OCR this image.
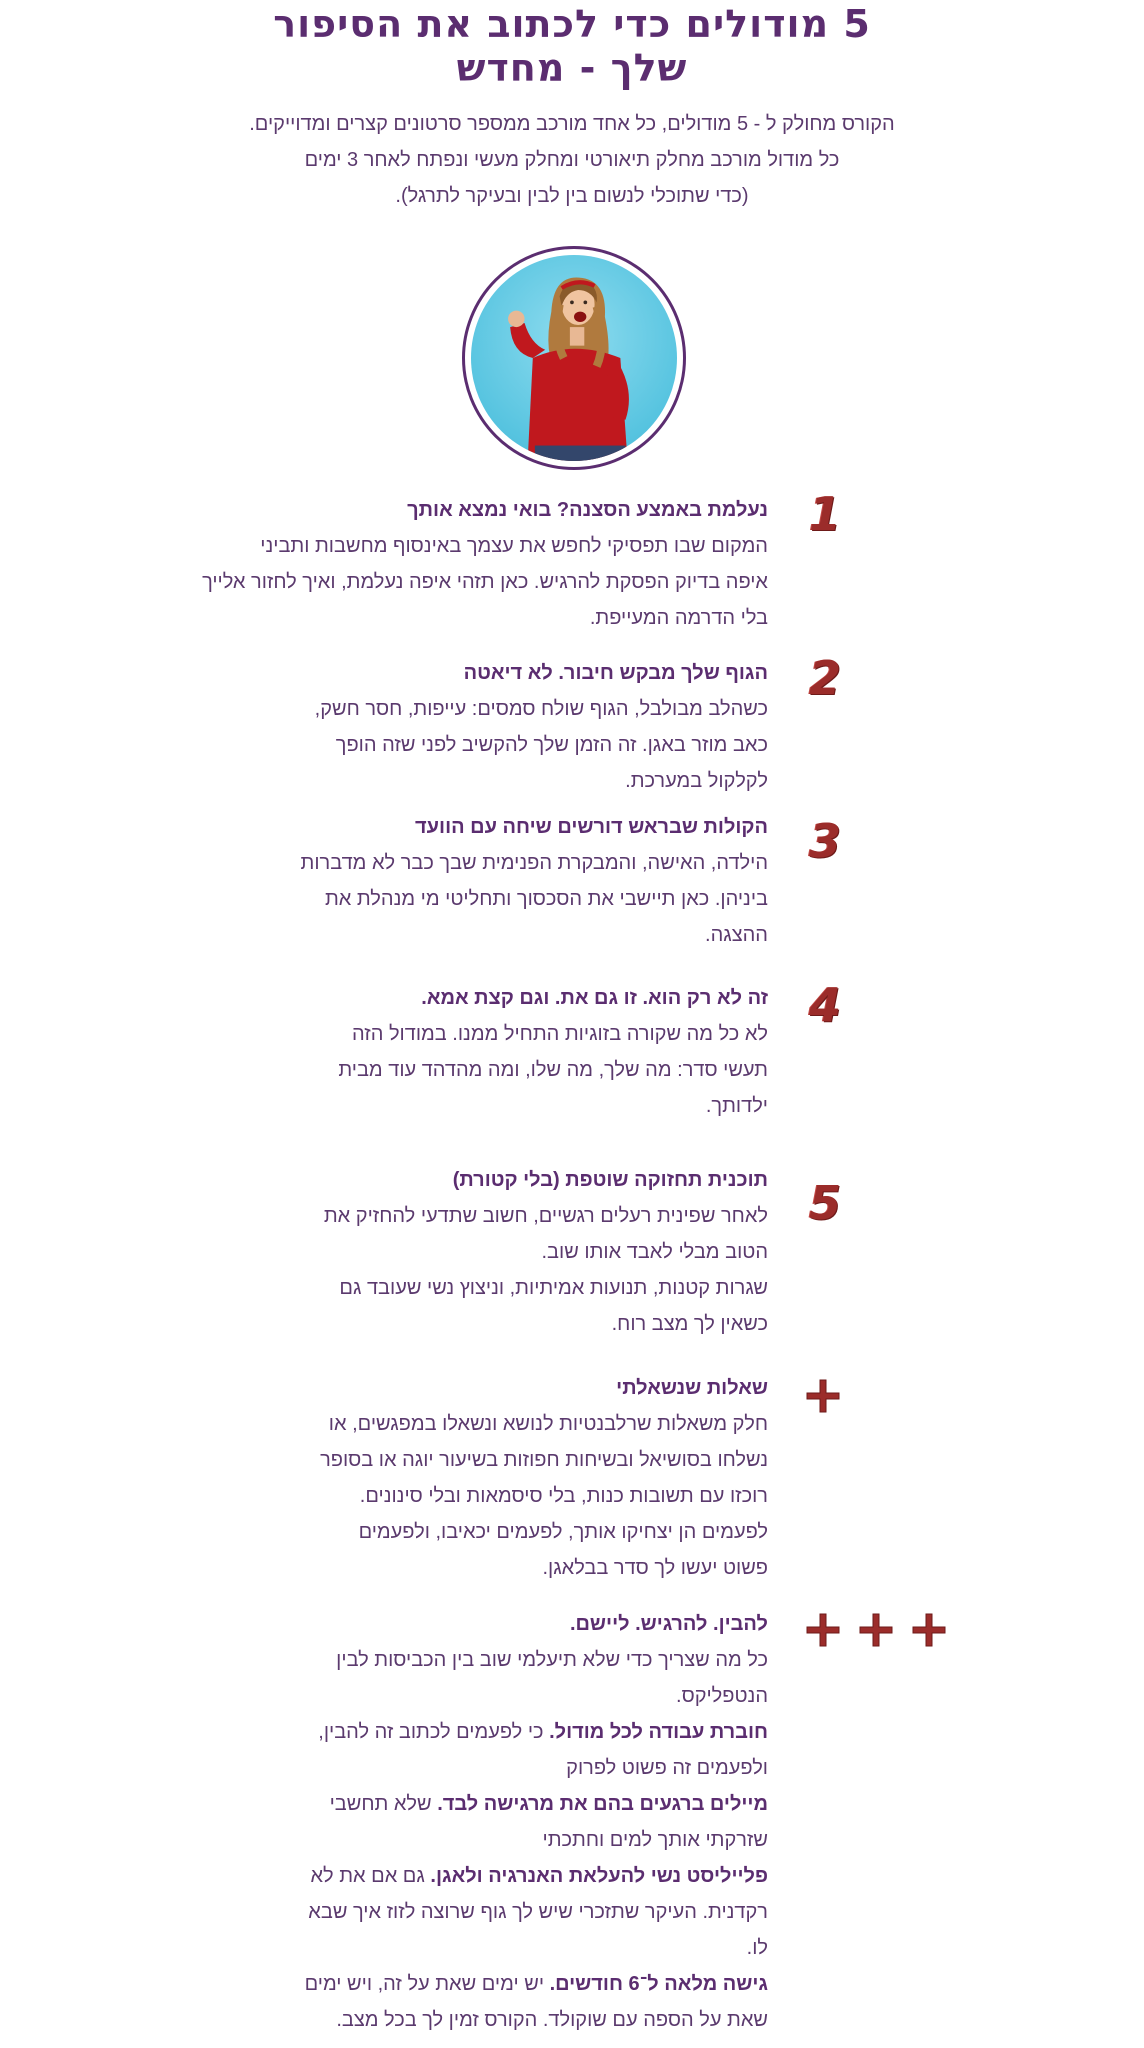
5 מודולים כדי לכתוב את הסיפור
שלך - מחדש
הקורס מחולק ל - 5 מודולים, כל אחד מורכב ממספר סרטונים קצרים ומדוייקים.
כל מודול מורכב מחלק תיאורטי ומחלק מעשי ונפתח לאחר 3 ימים
(כדי שתוכלי לנשום בין לבין ובעיקר לתרגל).
1
נעלמת באמצע הסצנה? בואי נמצא אותך
המקום שבו תפסיקי לחפש את עצמך באינסוף מחשבות ותביני
איפה בדיוק הפסקת להרגיש. כאן תזהי איפה נעלמת, ואיך לחזור אלייך
בלי הדרמה המעייפת.
2
הגוף שלך מבקש חיבור. לא דיאטה
כשהלב מבולבל, הגוף שולח סמסים: עייפות, חסר חשק,
כאב מוזר באגן. זה הזמן שלך להקשיב לפני שזה הופך
לקלקול במערכת.
3
הקולות שבראש דורשים שיחה עם הוועד
הילדה, האישה, והמבקרת הפנימית שבך כבר לא מדברות
ביניהן. כאן תיישבי את הסכסוך ותחליטי מי מנהלת את
ההצגה.
4
זה לא רק הוא. זו גם את. וגם קצת אמא.
לא כל מה שקורה בזוגיות התחיל ממנו. במודול הזה
תעשי סדר: מה שלך, מה שלו, ומה מהדהד עוד מבית
ילדותך.
5
תוכנית תחזוקה שוטפת (בלי קטורת)
לאחר שפינית רעלים רגשיים, חשוב שתדעי להחזיק את
הטוב מבלי לאבד אותו שוב.
שגרות קטנות, תנועות אמיתיות, וניצוץ נשי שעובד גם
כשאין לך מצב רוח.
שאלות שנשאלתי
חלק משאלות שרלבנטיות לנושא ונשאלו במפגשים, או
נשלחו בסושיאל ובשיחות חפוזות בשיעור יוגה או בסופר
רוכזו עם תשובות כנות, בלי סיסמאות ובלי סינונים.
לפעמים הן יצחיקו אותך, לפעמים יכאיבו, ולפעמים
פשוט יעשו לך סדר בבלאגן.
להבין. להרגיש. ליישם.
כל מה שצריך כדי שלא תיעלמי שוב בין הכביסות לבין
הנטפליקס.
חוברת עבודה לכל מודול. כי לפעמים לכתוב זה להבין,
ולפעמים זה פשוט לפרוק
מיילים ברגעים בהם את מרגישה לבד. שלא תחשבי
שזרקתי אותך למים וחתכתי
פלייליסט נשי להעלאת האנרגיה ולאגן. גם אם את לא
רקדנית. העיקר שתזכרי שיש לך גוף שרוצה לזוז איך שבא
לו.
גישה מלאה ל־6 חודשים. יש ימים שאת על זה, ויש ימים
שאת על הספה עם שוקולד. הקורס זמין לך בכל מצב.
